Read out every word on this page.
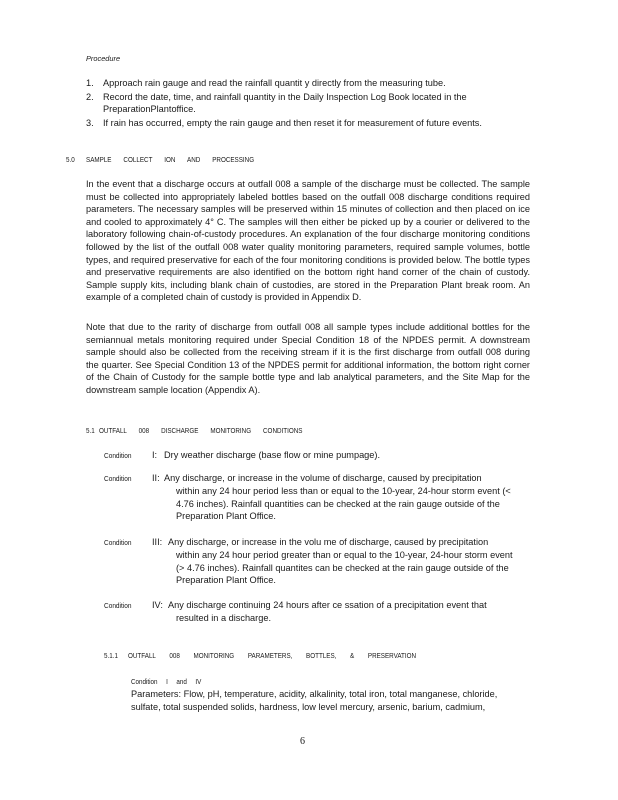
Procedure
1.	Approach rain gauge and read the rainfall quantit y directly from the measuring tube.
2.	Record the date, time, and rainfall quantity in the Daily Inspection Log Book located in the
PreparationPlantoffice.
3.	If rain has occurred, empty the rain gauge and then reset it for measurement of future events.
5.0 SAMPLE COLLECT ION AND PROCESSING

In the event that a discharge occurs at outfall 008 a sample of the discharge must be collected. The sample must be collected into appropriately labeled bottles based on the outfall 008 discharge conditions required parameters. The necessary samples will be preserved within 15 minutes of collection and then placed on ice and cooled to approximately 4° C. The samples will then either be picked up by a courier or delivered to the laboratory following chain-of-custody procedures. An explanation of the four discharge monitoring conditions followed by the list of the outfall 008 water quality monitoring parameters, required sample volumes, bottle types, and required preservative for each of the four monitoring conditions is provided below. The bottle types and preservative requirements are also identified on the bottom right hand corner of the chain of custody. Sample supply kits, including blank chain of custodies, are stored in the Preparation Plant break room. An example of a completed chain of custody is provided in Appendix D.

Note that due to the rarity of discharge from outfall 008 all sample types include additional bottles for the semiannual metals monitoring required under Special Condition 18 of the NPDES permit. A downstream sample should also be collected from the receiving stream if it is the first discharge from outfall 008 during the quarter. See Special Condition 13 of the NPDES permit for additional information, the bottom right corner of the Chain of Custody for the sample bottle type and lab analytical parameters, and the Site Map for the downstream sample location (Appendix A).

5.1 OUTFALL 008 DISCHARGE MONITORING CONDITIONS
Condition I: Dry weather discharge (base flow or mine pumpage).
Condition II: Any discharge, or increase in the volume of discharge, caused by precipitation
within any 24 hour period less than or equal to the 10-year, 24-hour storm event (< 4.76 inches). Rainfall quantities can be checked at the rain gauge outside of the Preparation Plant Office.
Condition III: Any discharge, or increase in the volu me of discharge, caused by precipitation
within any 24 hour period greater than or equal to the 10-year, 24-hour storm event (> 4.76 inches). Rainfall quantites can be checked at the rain gauge outside of the Preparation Plant Office.
Condition IV: Any discharge continuing 24 hours after ce ssation of a precipitation event that
resulted in a discharge.
5.1.1 OUTFALL 008 MONITORING PARAMETERS, BOTTLES, & PRESERVATION
Condition I and IV
Parameters: Flow, pH, temperature, acidity, alkalinity, total iron, total manganese, chloride, sulfate, total suspended solids, hardness, low level mercury, arsenic, barium, cadmium,
6
